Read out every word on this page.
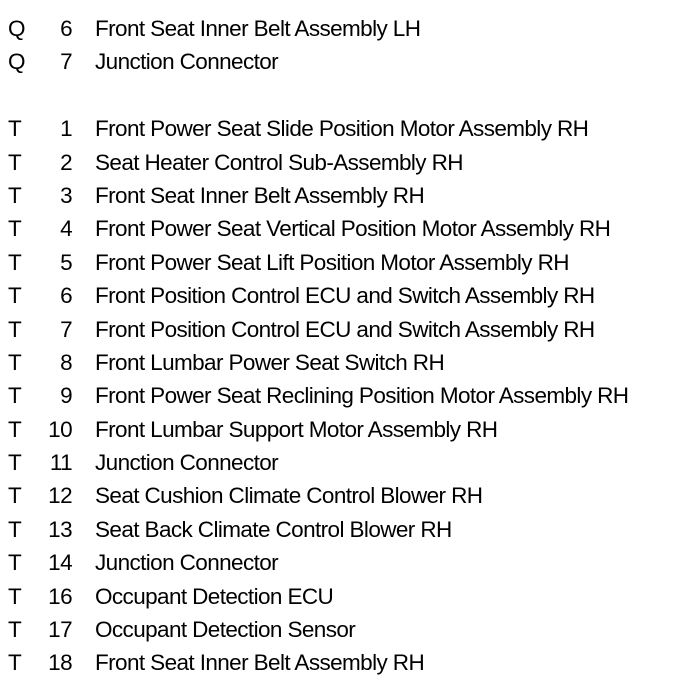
Q	6 Front Seat Inner Belt Assembly LH
Q	7 Junction Connector
T	1 Front Power Seat Slide Position Motor Assembly RH
T	2 Seat Heater Control Sub-Assembly RH
T	3 Front Seat Inner Belt Assembly RH
T	4 Front Power Seat Vertical Position Motor Assembly RH
T	5 Front Power Seat Lift Position Motor Assembly RH
T	6 Front Position Control ECU and Switch Assembly RH
T	7 Front Position Control ECU and Switch Assembly RH
T	8 Front Lumbar Power Seat Switch RH
T	9 Front Power Seat Reclining Position Motor Assembly RH
T	10 Front Lumbar Support Motor Assembly RH
T	11 Junction Connector
T	12 Seat Cushion Climate Control Blower RH
T	13 Seat Back Climate Control Blower RH
T	14 Junction Connector
T	16 Occupant Detection ECU
T	17 Occupant Detection Sensor
T	18 Front Seat Inner Belt Assembly RH
